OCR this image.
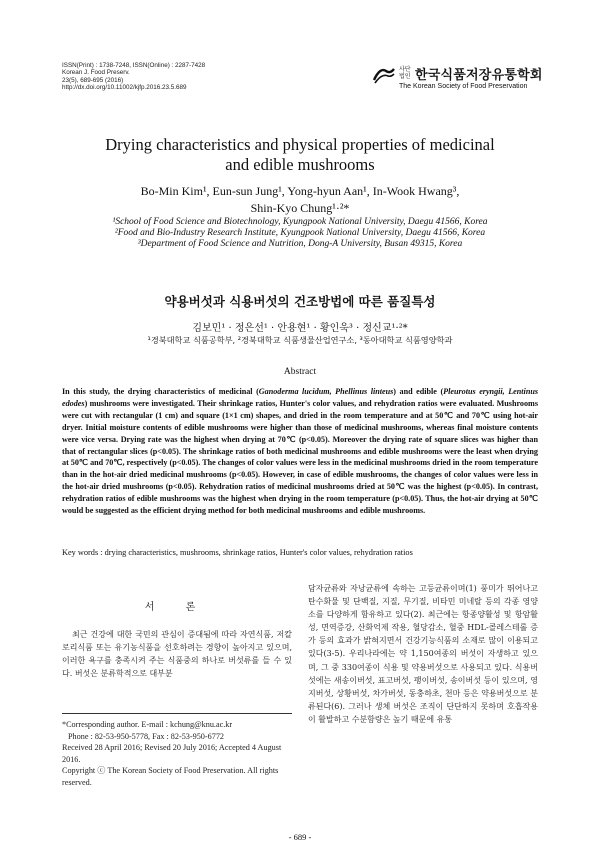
ISSN(Print) : 1738-7248, ISSN(Online) : 2287-7428
Korean J. Food Preserv.
23(5), 689-695 (2016)
http://dx.doi.org/10.11002/kjfp.2016.23.5.689
사단 법인 한국식품저장유통학회
The Korean Society of Food Preservation
Drying characteristics and physical properties of medicinal
and edible mushrooms
Bo-Min Kim¹, Eun-sun Jung¹, Yong-hyun Aan¹, In-Wook Hwang³,
Shin-Kyo Chung¹·²*
¹School of Food Science and Biotechnology, Kyungpook National University, Daegu 41566, Korea
²Food and Bio-Industry Research Institute, Kyungpook National University, Daegu 41566, Korea
³Department of Food Science and Nutrition, Dong-A University, Busan 49315, Korea
약용버섯과 식용버섯의 건조방법에 따른 품질특성
김보민¹ · 정은선¹ · 안용현¹ · 황인욱³ · 정신교¹·²*
¹경북대학교 식품공학부, ²경북대학교 식품생물산업연구소, ³동아대학교 식품영양학과
Abstract
In this study, the drying characteristics of medicinal (Ganoderma lucidum, Phellinus linteus) and edible (Pleurotus eryngii, Lentinus edodes) mushrooms were investigated. Their shrinkage ratios, Hunter's color values, and rehydration ratios were evaluated. Mushrooms were cut with rectangular (1 cm) and square (1×1 cm) shapes, and dried in the room temperature and at 50℃ and 70℃ using hot-air dryer. Initial moisture contents of edible mushrooms were higher than those of medicinal mushrooms, whereas final moisture contents were vice versa. Drying rate was the highest when drying at 70℃ (p<0.05). Moreover the drying rate of square slices was higher than that of rectangular slices (p<0.05). The shrinkage ratios of both medicinal mushrooms and edible mushrooms were the least when drying at 50℃ and 70℃, respectively (p<0.05). The changes of color values were less in the medicinal mushrooms dried in the room temperature than in the hot-air dried medicinal mushrooms (p<0.05). However, in case of edible mushrooms, the changes of color values were less in the hot-air dried mushrooms (p<0.05). Rehydration ratios of medicinal mushrooms dried at 50℃ was the highest (p<0.05). In contrast, rehydration ratios of edible mushrooms was the highest when drying in the room temperature (p<0.05). Thus, the hot-air drying at 50℃ would be suggested as the efficient drying method for both medicinal mushrooms and edible mushrooms.
Key words : drying characteristics, mushrooms, shrinkage ratios, Hunter's color values, rehydration ratios
서 론

최근 건강에 대한 국민의 관심이 증대됨에 따라 자연식품, 저칼로리식품 또는 유기농식품을 선호하려는 경향이 높아지고 있으며, 이러한 욕구를 충족시켜 주는 식품중의 하나로 버섯류를 들 수 있다. 버섯은 분류학적으로 대부분

담자균류와 자낭균류에 속하는 고등균류이며(1) 풍미가 뛰어나고 탄수화물 및 단백질, 지질, 무기질, 비타민 미네랄 등의 각종 영양소를 다양하게 함유하고 있다(2). 최근에는 항종양활성 및 항암활성, 면역증강, 산화억제 작용, 혈당감소, 혈중 HDL-콜레스테롤 증가 등의 효과가 밝혀지면서 건강기능식품의 소재로 많이 이용되고 있다(3-5). 우리나라에는 약 1,150여종의 버섯이 자생하고 있으며, 그 중 330여종이 식용 및 약용버섯으로 사용되고 있다. 식용버섯에는 새송이버섯, 표고버섯, 팽이버섯, 송이버섯 등이 있으며, 영지버섯, 상황버섯, 차가버섯, 동충하초, 천마 등은 약용버섯으로 분류된다(6). 그러나 생체 버섯은 조직이 단단하지 못하며 호흡작용이 활발하고 수분함량은 높기 때문에 유통

*Corresponding author. E-mail : kchung@knu.ac.kr
Phone : 82-53-950-5778, Fax : 82-53-950-6772
Received 28 April 2016; Revised 20 July 2016; Accepted 4 August 2016.
Copyright ⓒ The Korean Society of Food Preservation. All rights reserved.
- 689 -
